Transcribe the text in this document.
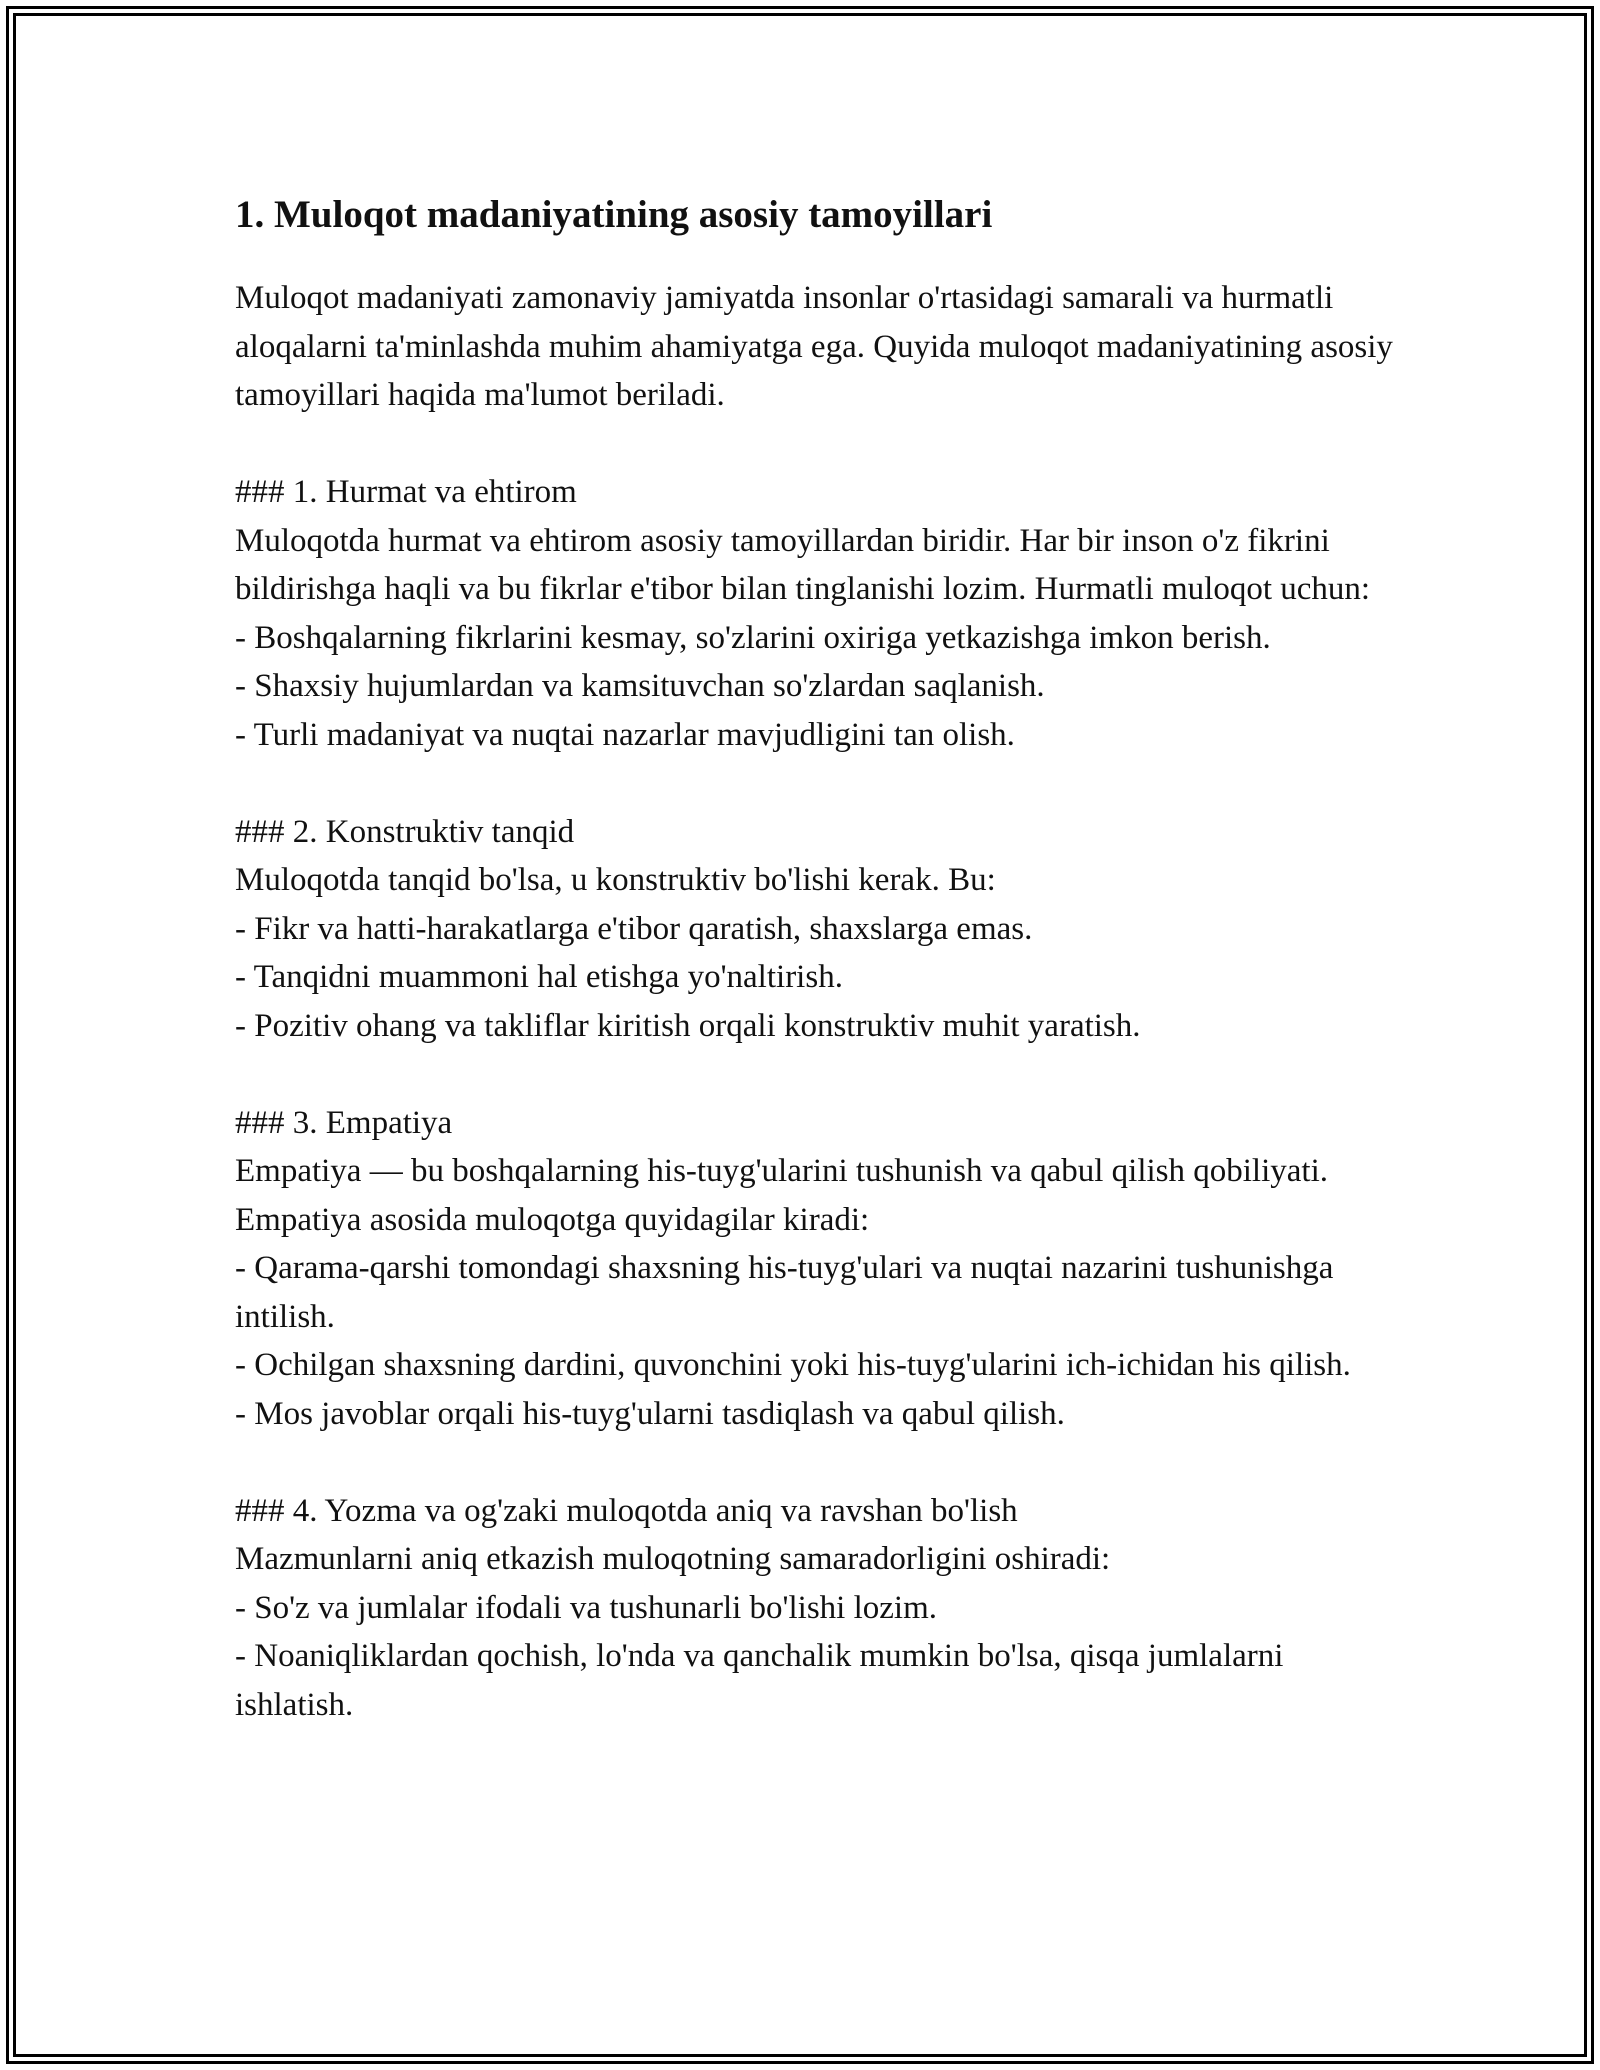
1. Muloqot madaniyatining asosiy tamoyillari

Muloqot madaniyati zamonaviy jamiyatda insonlar o'rtasidagi samarali va hurmatli aloqalarni ta'minlashda muhim ahamiyatga ega. Quyida muloqot madaniyatining asosiy tamoyillari haqida ma'lumot beriladi.

### 1. Hurmat va ehtirom

Muloqotda hurmat va ehtirom asosiy tamoyillardan biridir. Har bir inson o'z fikrini bildirishga haqli va bu fikrlar e'tibor bilan tinglanishi lozim. Hurmatli muloqot uchun:

- Boshqalarning fikrlarini kesmay, so'zlarini oxiriga yetkazishga imkon berish.
- Shaxsiy hujumlardan va kamsituvchan so'zlardan saqlanish.
- Turli madaniyat va nuqtai nazarlar mavjudligini tan olish.

### 2. Konstruktiv tanqid

Muloqotda tanqid bo'lsa, u konstruktiv bo'lishi kerak. Bu:

- Fikr va hatti-harakatlarga e'tibor qaratish, shaxslarga emas.
- Tanqidni muammoni hal etishga yo'naltirish.
- Pozitiv ohang va takliflar kiritish orqali konstruktiv muhit yaratish.

### 3. Empatiya

Empatiya — bu boshqalarning his-tuyg'ularini tushunish va qabul qilish qobiliyati. Empatiya asosida muloqotga quyidagilar kiradi:

- Qarama-qarshi tomondagi shaxsning his-tuyg'ulari va nuqtai nazarini tushunishga intilish.
- Ochilgan shaxsning dardini, quvonchini yoki his-tuyg'ularini ich-ichidan his qilish.
- Mos javoblar orqali his-tuyg'ularni tasdiqlash va qabul qilish.

### 4. Yozma va og'zaki muloqotda aniq va ravshan bo'lish

Mazmunlarni aniq etkazish muloqotning samaradorligini oshiradi:

- So'z va jumlalar ifodali va tushunarli bo'lishi lozim.
- Noaniqliklardan qochish, lo'nda va qanchalik mumkin bo'lsa, qisqa jumlalarni ishlatish.
